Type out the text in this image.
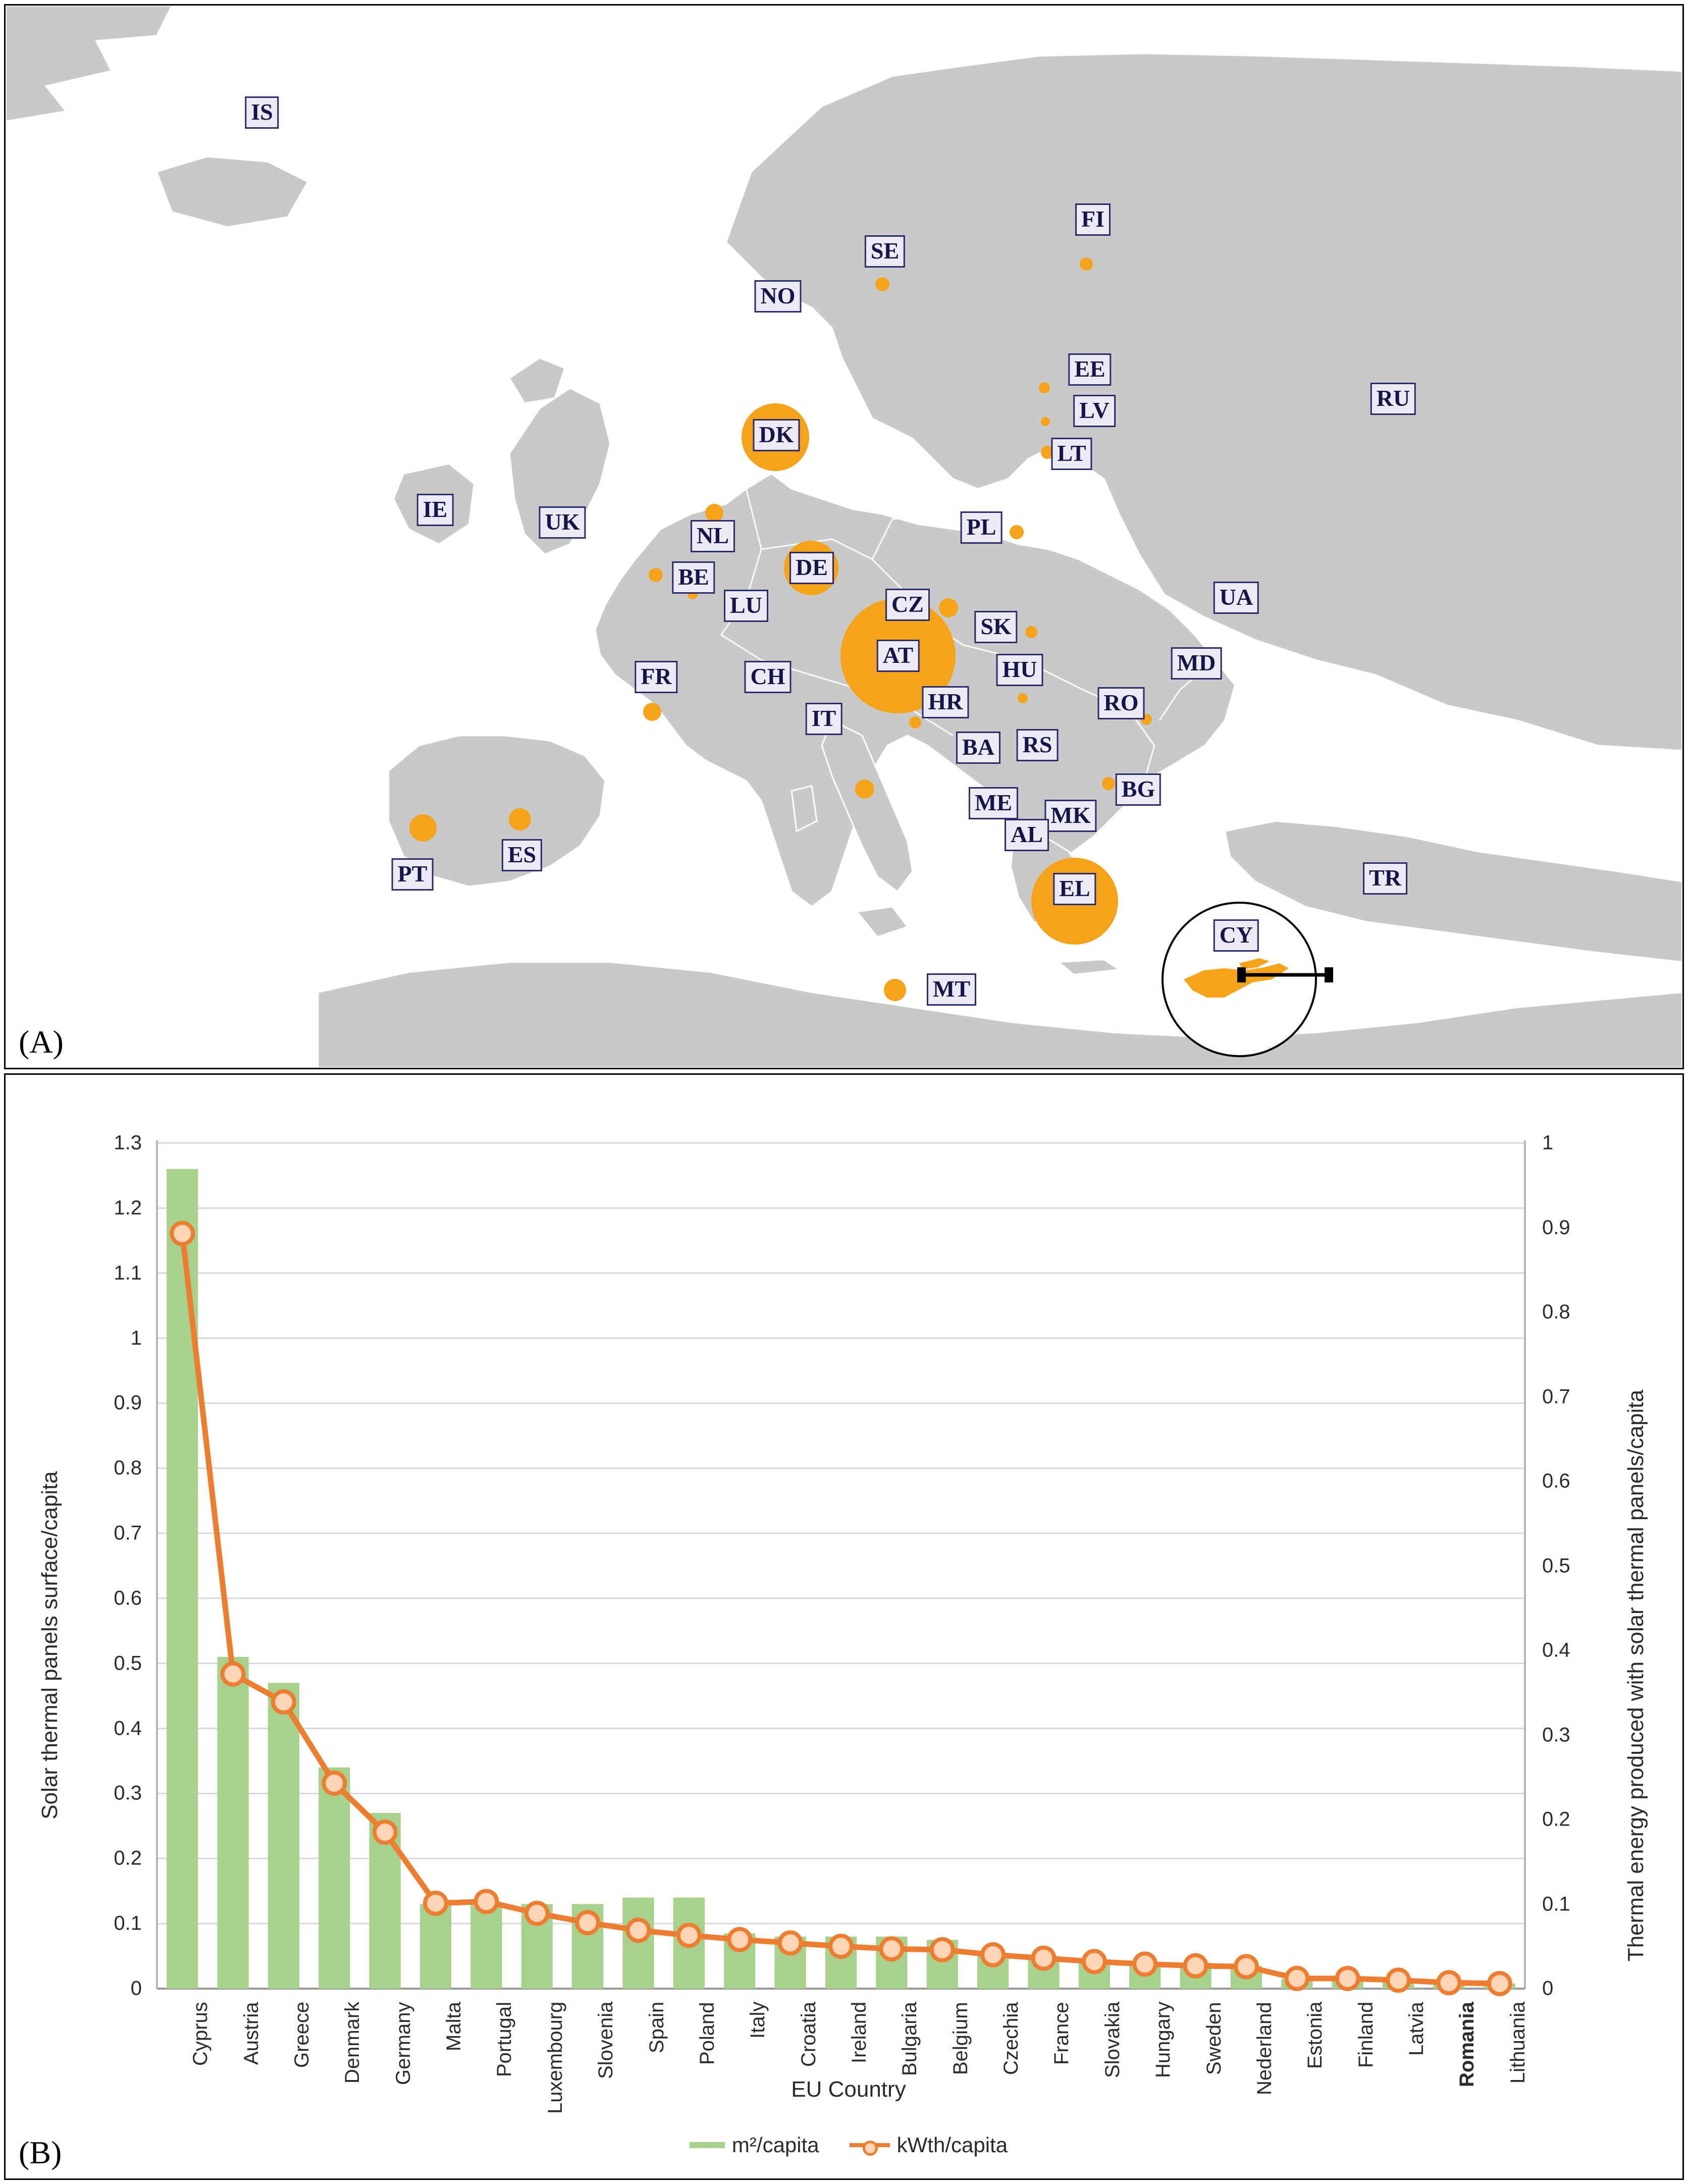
CY
IS
SE
FI
NO
EE
LV
LT
RU
DK
IE	UK
NL
BE
LU
DE
PL
CZ
SK
UA
AT
HU	MD
CH
FR
HR	RO
IT
BA RS
ME MK
BG
AL
PT
ES
EL	TR
MT
(A)
Solar thermal panels surface/capita	Thermal energy produced with solar thermal panels/capita
EU Country
0
0.1
0.2
0.3
0.4
0.5
0.6
0.7
0.8
0.9
1
1.1
1.2
1.3
0
0.1
0.2
0.3
0.4
0.5
0.6
0.7
0.8
0.9
1
Cyprus Austria Greece Denmark Germany Malta Portugal Luxembourg Slovenia Spain Poland Italy Croatia Ireland Bulgaria Belgium Czechia France Slovakia Hungary Sweden Nederland Estonia Finland Latvia Romania Lithuania
m²/capita	kWth/capita
(B)
